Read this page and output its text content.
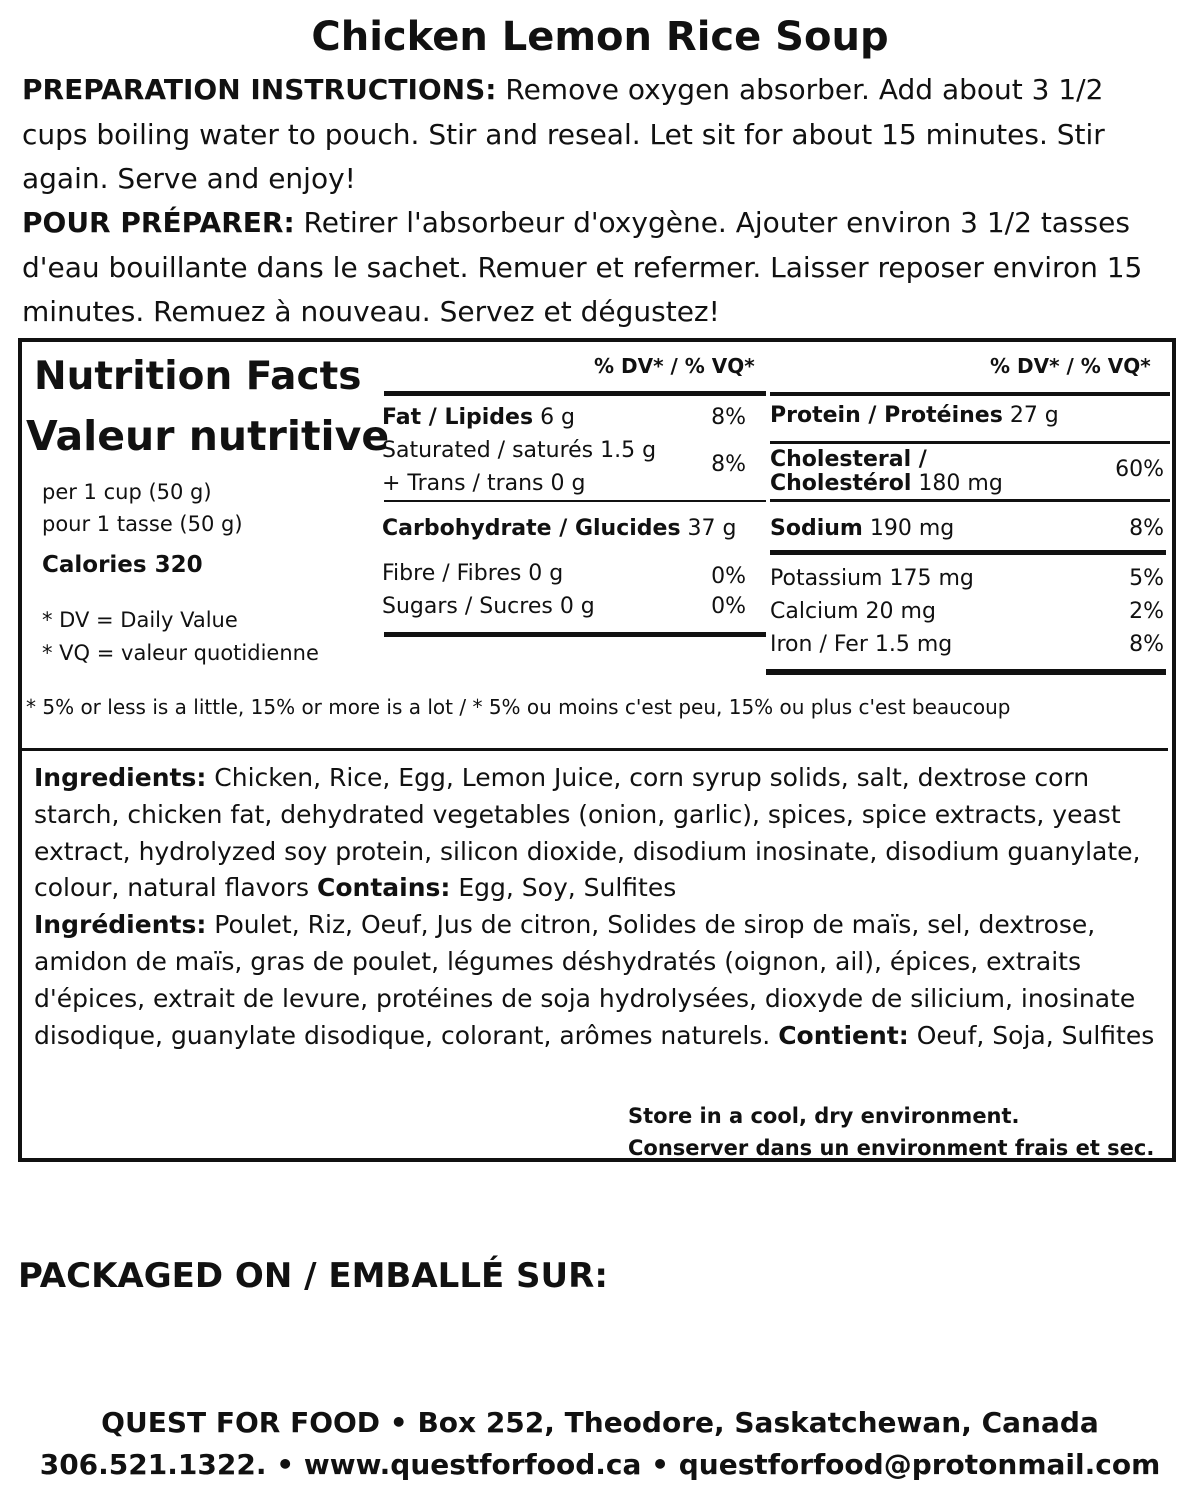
Chicken Lemon Rice Soup
PREPARATION INSTRUCTIONS: Remove oxygen absorber. Add about 3 1/2 cups boiling water to pouch. Stir and reseal. Let sit for about 15 minutes. Stir again. Serve and enjoy!
POUR PRÉPARER: Retirer l'absorbeur d'oxygène. Ajouter environ 3 1/2 tasses d'eau bouillante dans le sachet. Remuer et refermer. Laisser reposer environ 15 minutes. Remuez à nouveau. Servez et dégustez!
Nutrition Facts
Valeur nutritive
per 1 cup (50 g)
pour 1 tasse (50 g)
Calories 320
* DV = Daily Value
* VQ = valeur quotidienne
% DV* / % VQ*
Fat / Lipides 6 g	8%
Saturated / saturés 1.5 g
+ Trans / trans 0 g
8%
Carbohydrate / Glucides 37 g
Fibre / Fibres 0 g	0%
Sugars / Sucres 0 g	0%
% DV* / % VQ*
Protein / Protéines 27 g
Cholesteral /
Cholestérol 180 mg
60%
Sodium 190 mg	8%
Potassium 175 mg	5%
Calcium 20 mg	2%
Iron / Fer 1.5 mg	8%
* 5% or less is a little, 15% or more is a lot / * 5% ou moins c'est peu, 15% ou plus c'est beaucoup
Ingredients: Chicken, Rice, Egg, Lemon Juice, corn syrup solids, salt, dextrose corn starch, chicken fat, dehydrated vegetables (onion, garlic), spices, spice extracts, yeast extract, hydrolyzed soy protein, silicon dioxide, disodium inosinate, disodium guanylate, colour, natural flavors Contains: Egg, Soy, Sulfites
Ingrédients: Poulet, Riz, Oeuf, Jus de citron, Solides de sirop de maïs, sel, dextrose, amidon de maïs, gras de poulet, légumes déshydratés (oignon, ail), épices, extraits d'épices, extrait de levure, protéines de soja hydrolysées, dioxyde de silicium, inosinate disodique, guanylate disodique, colorant, arômes naturels. Contient: Oeuf, Soja, Sulfites
Store in a cool, dry environment.
Conserver dans un environment frais et sec.
PACKAGED ON / EMBALLÉ SUR:
QUEST FOR FOOD • Box 252, Theodore, Saskatchewan, Canada
306.521.1322. • www.questforfood.ca • questforfood@protonmail.com
